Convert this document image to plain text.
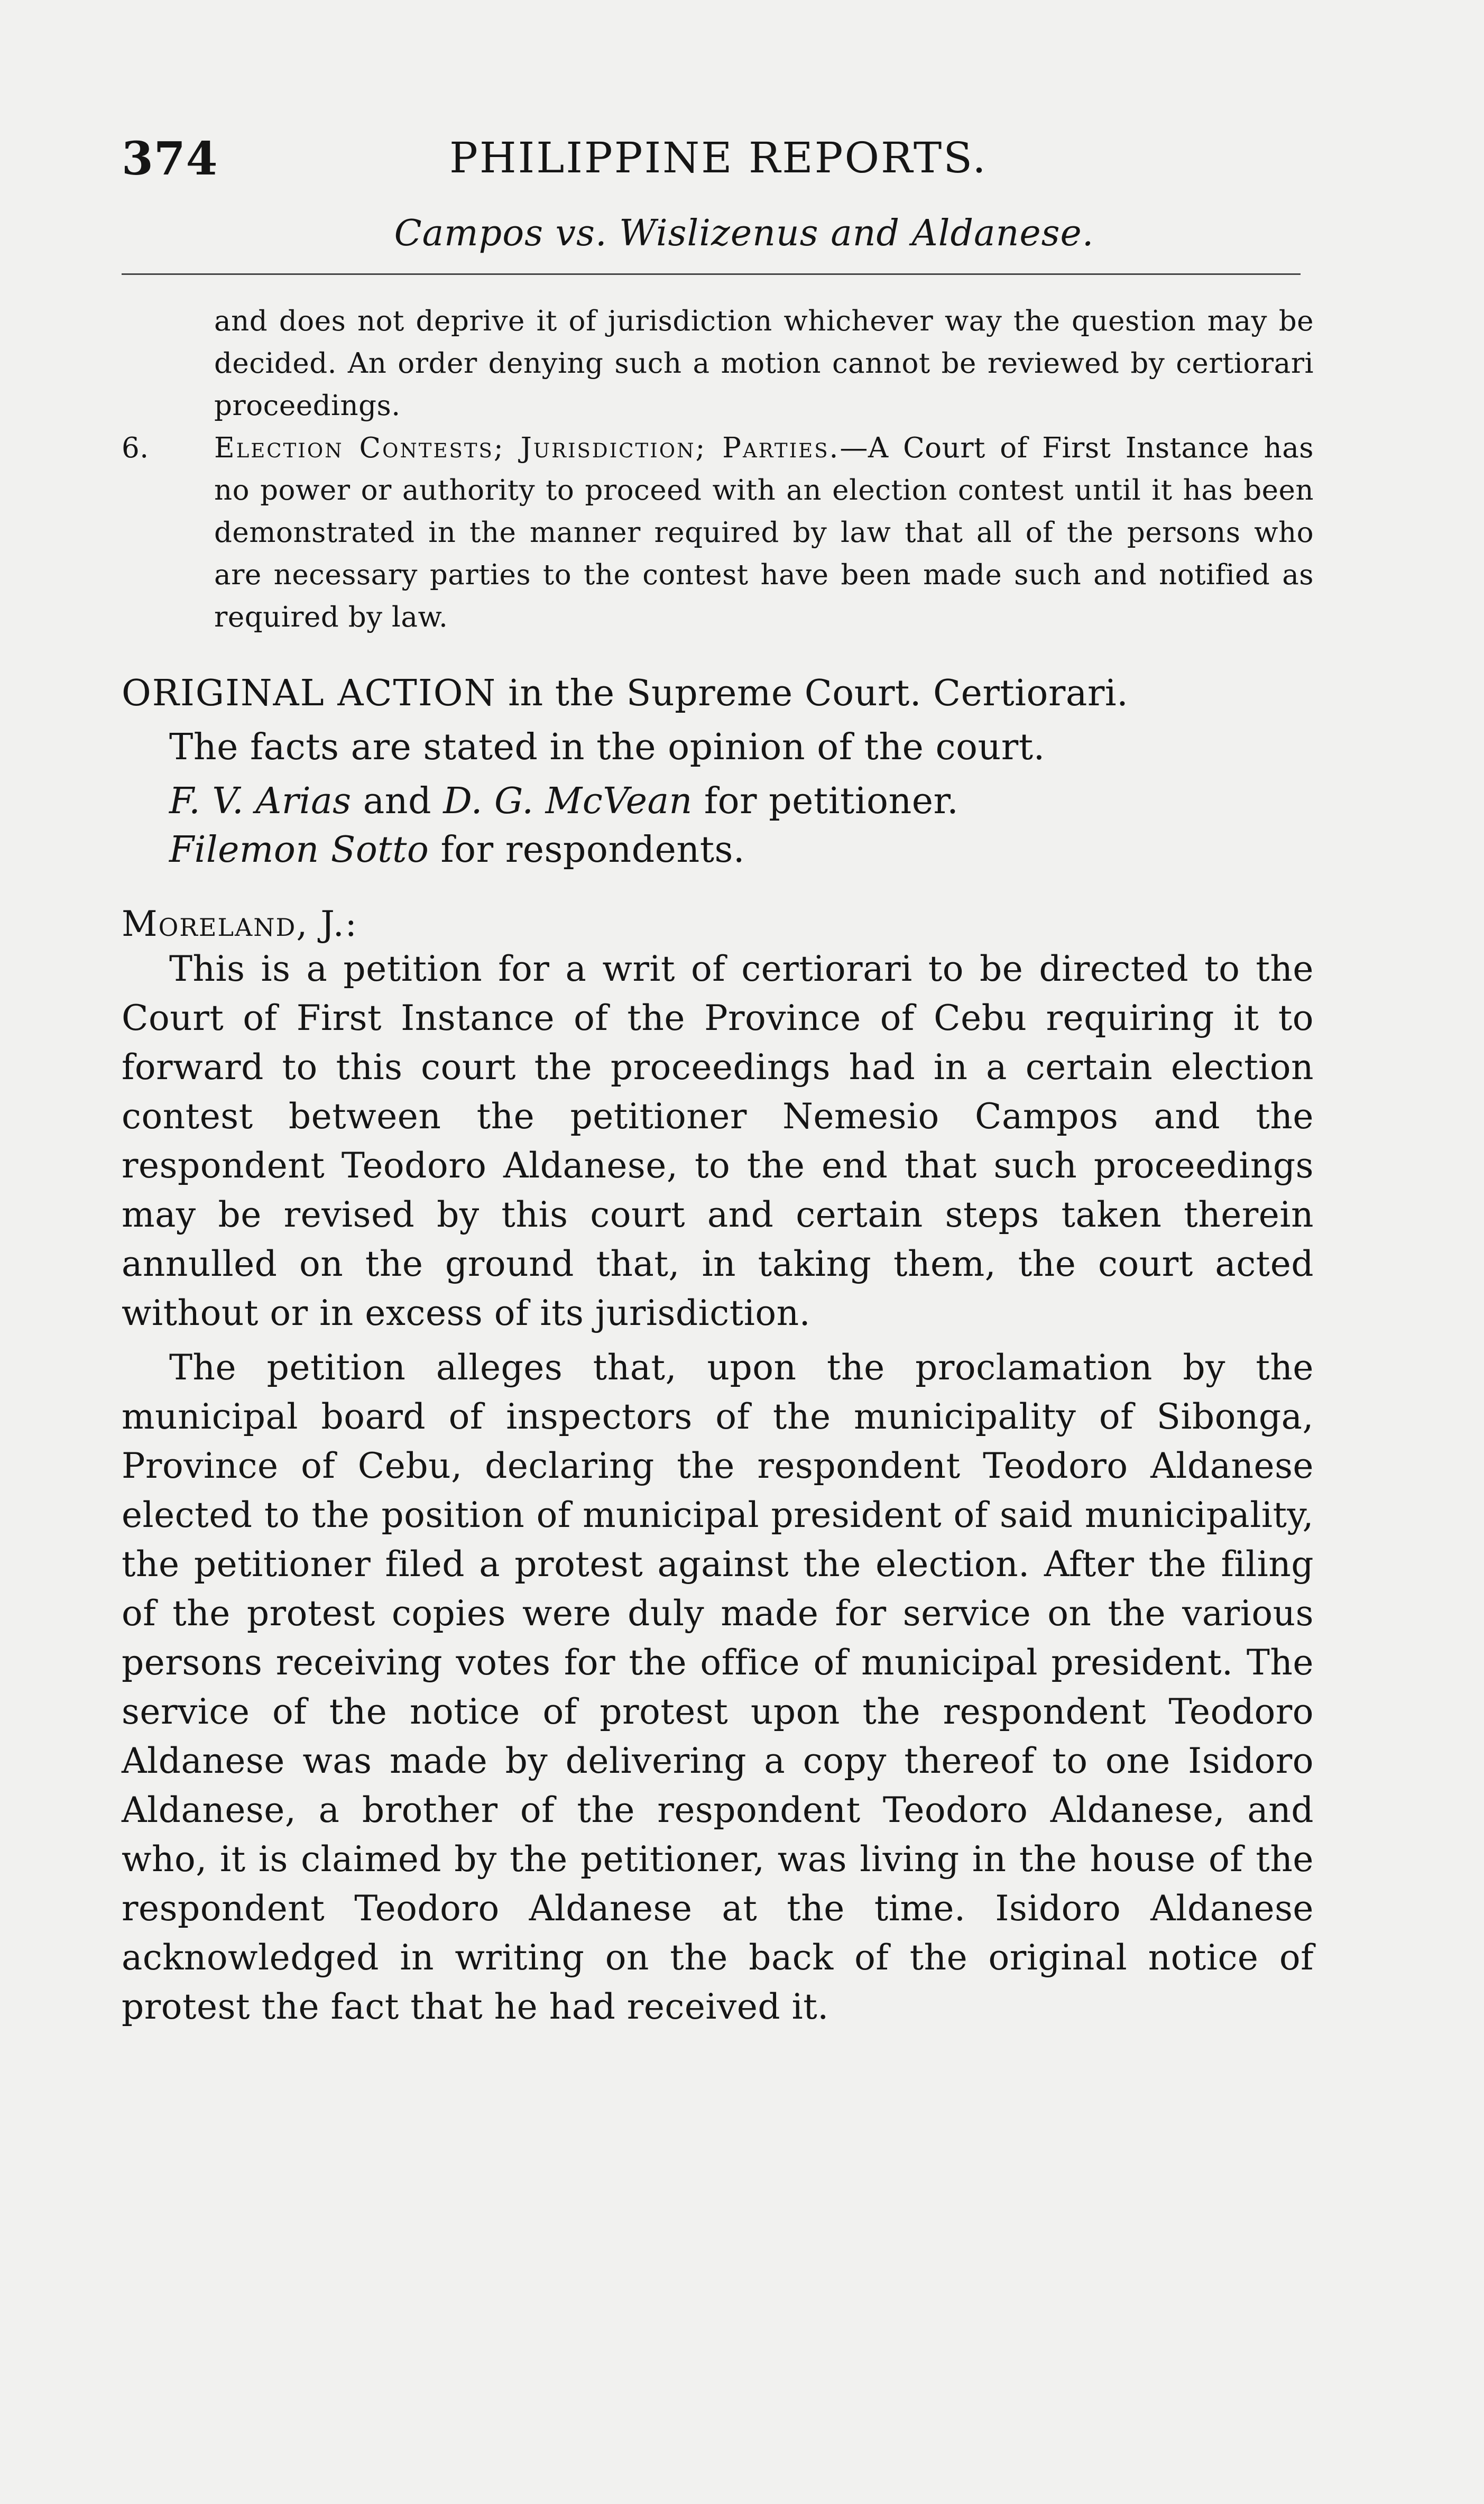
374	PHILIPPINE REPORTS.
Campos vs. Wislizenus and Aldanese.

and does not deprive it of jurisdiction whichever way the question may be decided. An order denying such a motion cannot be reviewed by certiorari proceedings.

6. Election Contests; Jurisdiction; Parties.—A Court of First Instance has no power or authority to proceed with an election contest until it has been demonstrated in the manner required by law that all of the persons who are necessary parties to the contest have been made such and notified as required by law.

ORIGINAL ACTION in the Supreme Court. Certiorari.
The facts are stated in the opinion of the court.
F. V. Arias and D. G. McVean for petitioner.
Filemon Sotto for respondents.
Moreland, J.:

This is a petition for a writ of certiorari to be directed to the Court of First Instance of the Province of Cebu requiring it to forward to this court the proceedings had in a certain election contest between the petitioner Nemesio Campos and the respondent Teodoro Aldanese, to the end that such proceedings may be revised by this court and certain steps taken therein annulled on the ground that, in taking them, the court acted without or in excess of its jurisdiction.

The petition alleges that, upon the proclamation by the municipal board of inspectors of the municipality of Sibonga, Province of Cebu, declaring the respondent Teodoro Aldanese elected to the position of municipal president of said municipality, the petitioner filed a protest against the election. After the filing of the protest copies were duly made for service on the various persons receiving votes for the office of municipal president. The service of the notice of protest upon the respondent Teodoro Aldanese was made by delivering a copy thereof to one Isidoro Aldanese, a brother of the respondent Teodoro Aldanese, and who, it is claimed by the petitioner, was living in the house of the respondent Teodoro Aldanese at the time. Isidoro Aldanese acknowledged in writing on the back of the original notice of protest the fact that he had received it.
